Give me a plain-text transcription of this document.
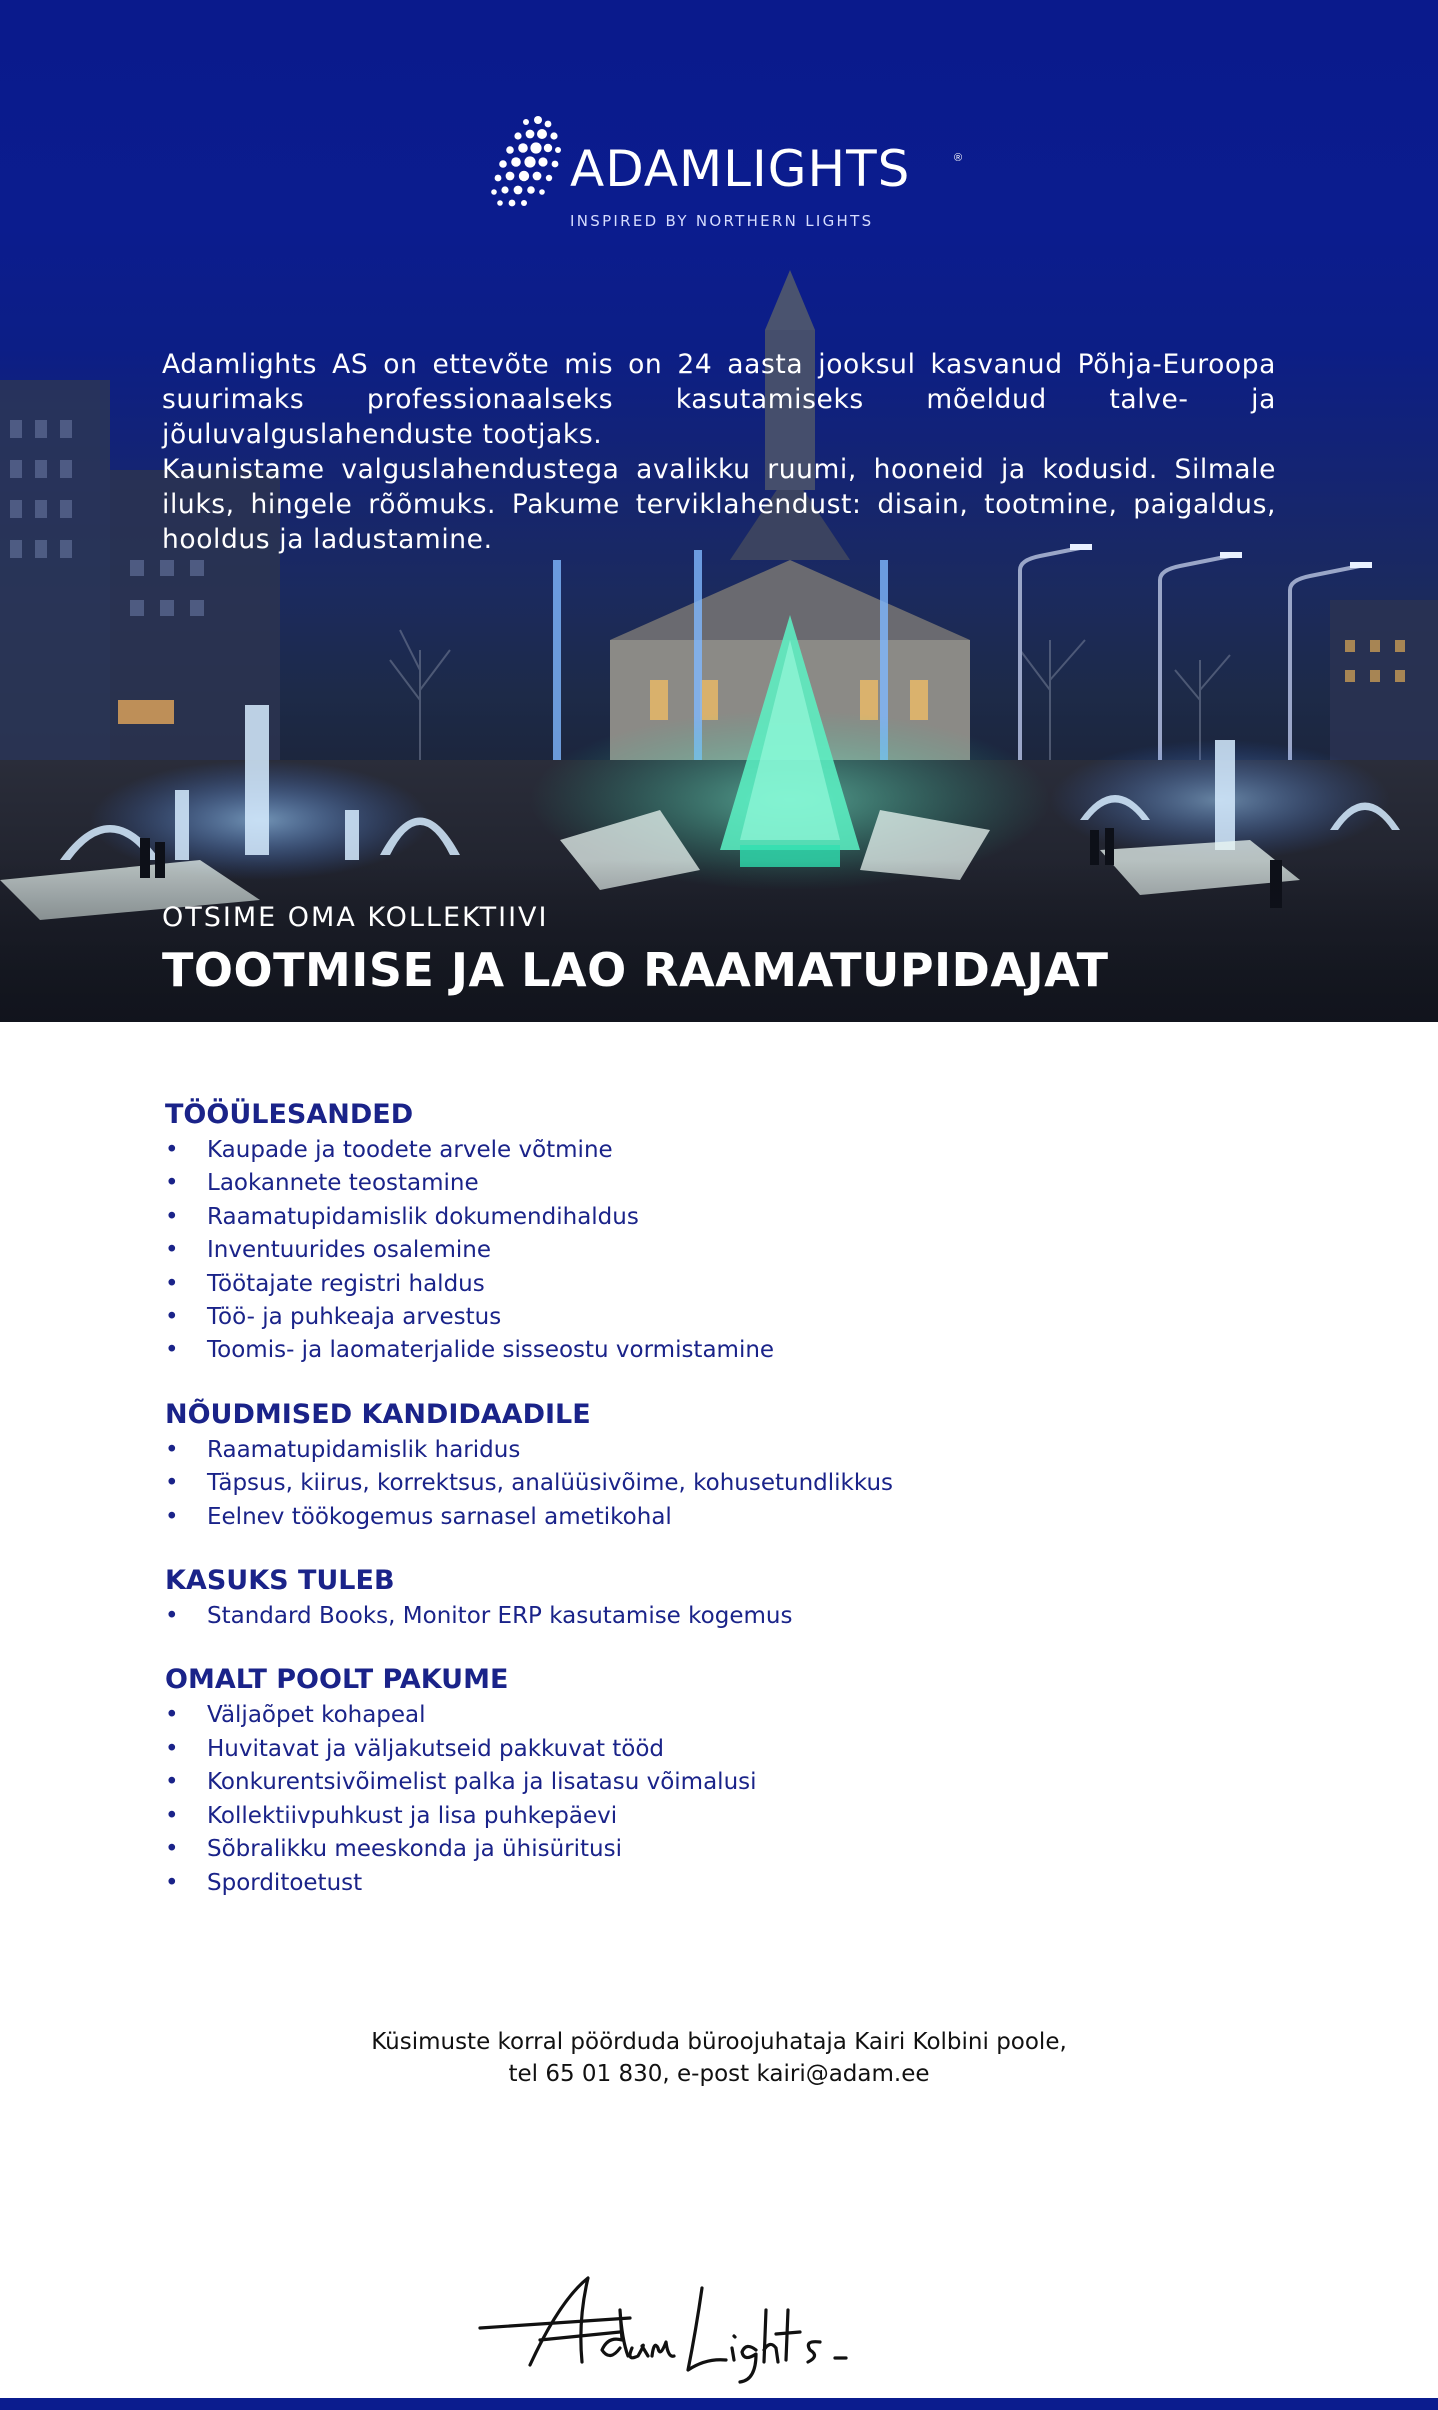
ADAMLIGHTS	®
INSPIRED BY NORTHERN LIGHTS

Adamlights AS on ettevõte mis on 24 aasta jooksul kasvanud Põhja-Euroopa suurimaks professionaalseks kasutamiseks mõeldud talve- ja jõuluvalguslahenduste tootjaks.

Kaunistame valguslahendustega avalikku ruumi, hooneid ja kodusid. Silmale iluks, hingele rõõmuks. Pakume terviklahendust: disain, tootmine, paigaldus, hooldus ja ladustamine.

OTSIME OMA KOLLEKTIIVI
TOOTMISE JA LAO RAAMATUPIDAJAT
TÖÖÜLESANDED
• Kaupade ja toodete arvele võtmine
• Laokannete teostamine
• Raamatupidamislik dokumendihaldus
• Inventuurides osalemine
• Töötajate registri haldus
• Töö- ja puhkeaja arvestus
• Toomis- ja laomaterjalide sisseostu vormistamine
NÕUDMISED KANDIDAADILE
• Raamatupidamislik haridus
• Täpsus, kiirus, korrektsus, analüüsivõime, kohusetundlikkus
• Eelnev töökogemus sarnasel ametikohal
KASUKS TULEB
• Standard Books, Monitor ERP kasutamise kogemus
OMALT POOLT PAKUME
• Väljaõpet kohapeal
• Huvitavat ja väljakutseid pakkuvat tööd
• Konkurentsivõimelist palka ja lisatasu võimalusi
• Kollektiivpuhkust ja lisa puhkepäevi
• Sõbralikku meeskonda ja ühisüritusi
• Sporditoetust
Küsimuste korral pöörduda büroojuhataja Kairi Kolbini poole,
tel 65 01 830, e-post kairi@adam.ee
